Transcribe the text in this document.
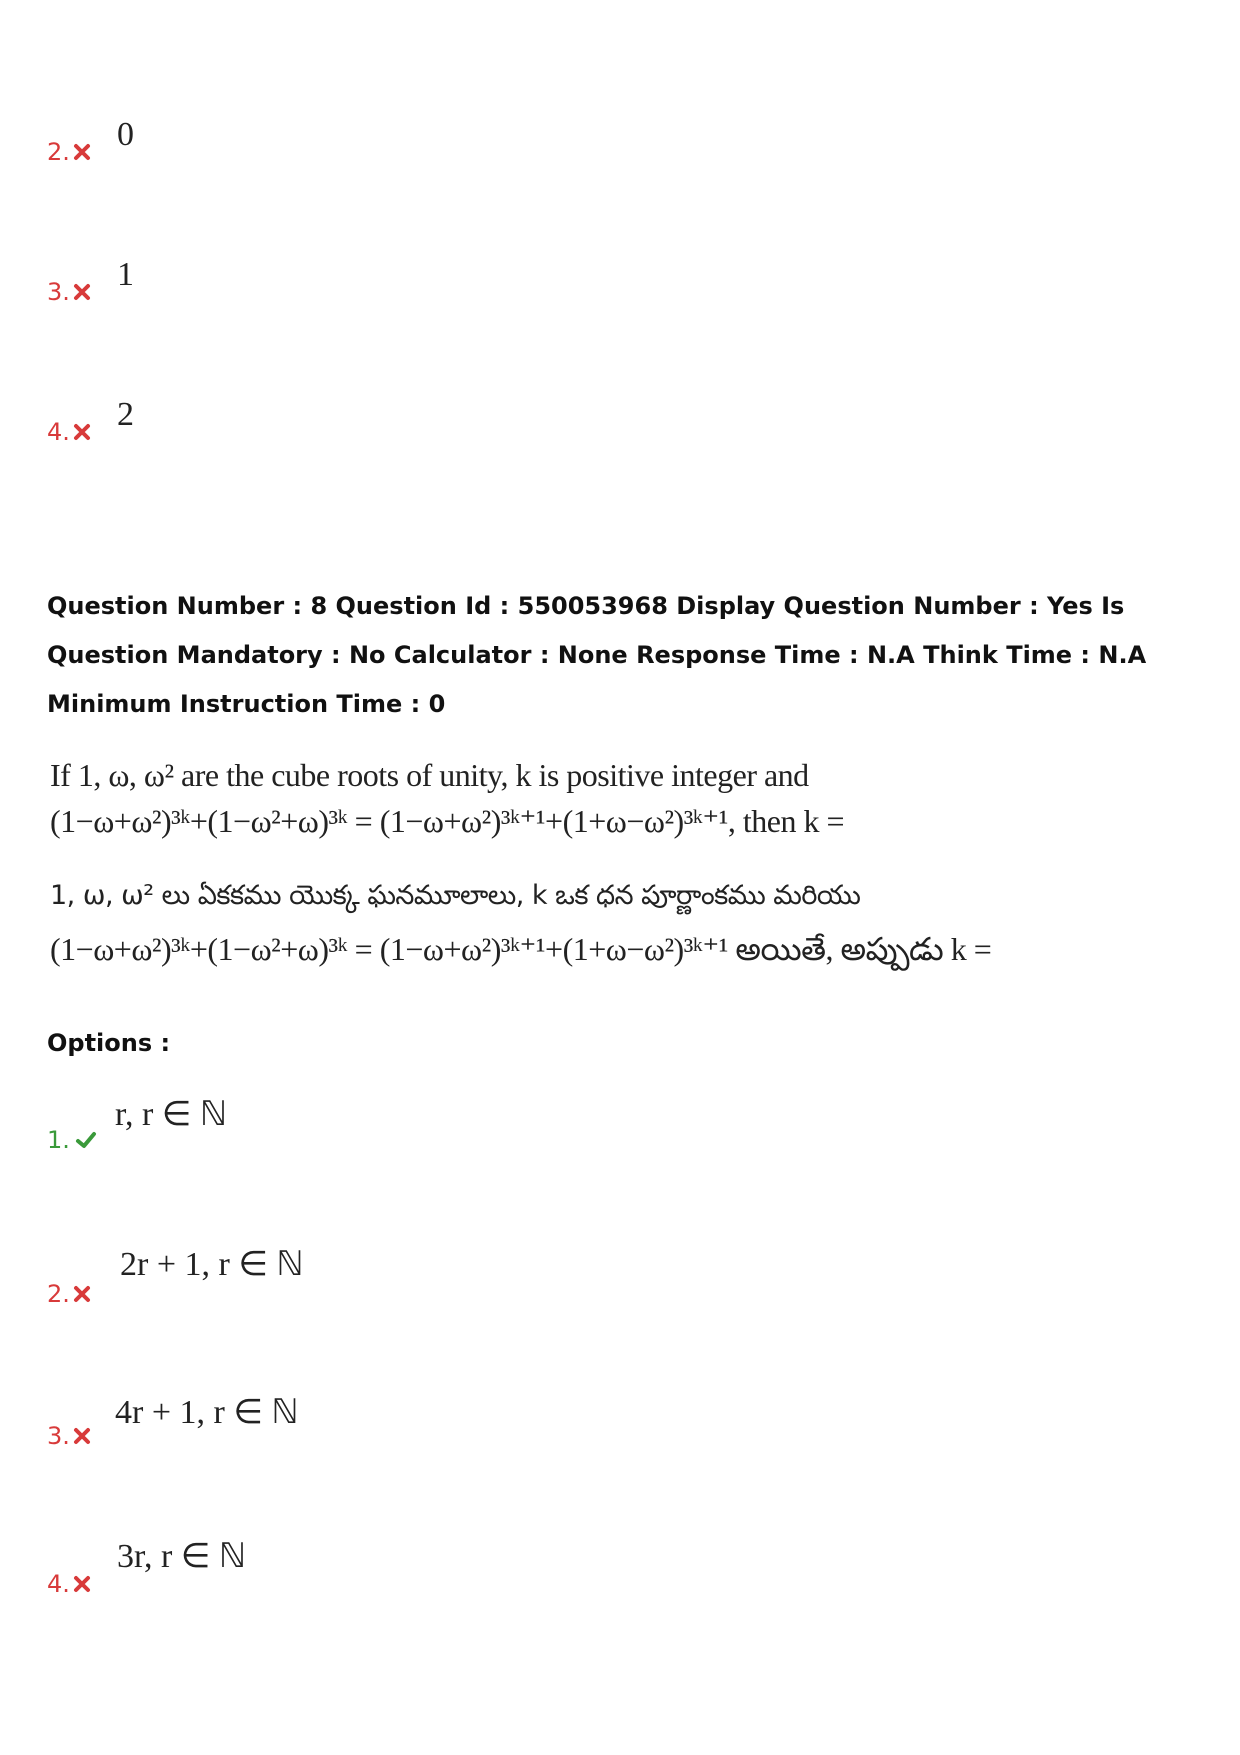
2. 0
3. 1
4. 2
Question Number : 8 Question Id : 550053968 Display Question Number : Yes Is Question Mandatory : No Calculator : None Response Time : N.A Think Time : N.A Minimum Instruction Time : 0
If 1, ω, ω² are the cube roots of unity, k is positive integer and
(1−ω+ω²)³ᵏ+(1−ω²+ω)³ᵏ = (1−ω+ω²)³ᵏ⁺¹+(1+ω−ω²)³ᵏ⁺¹, then k =
1, ω, ω² లు ఏకకము యొక్క ఘనమూలాలు, k ఒక ధన పూర్ణాంకము మరియు
(1−ω+ω²)³ᵏ+(1−ω²+ω)³ᵏ = (1−ω+ω²)³ᵏ⁺¹+(1+ω−ω²)³ᵏ⁺¹ అయితే, అప్పుడు k =
Options :
1.
r, r ∈ ℕ
2.
2r + 1, r ∈ ℕ
3.
4r + 1, r ∈ ℕ
4.
3r, r ∈ ℕ
